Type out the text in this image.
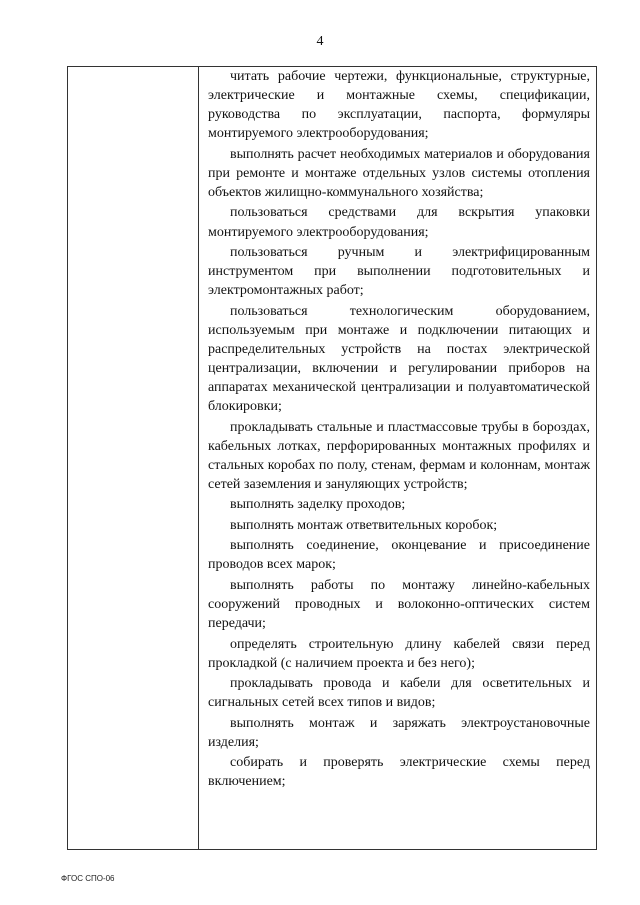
4

читать рабочие чертежи, функциональные, структурные, электрические и монтажные схемы, спецификации, руководства по эксплуатации, паспорта, формуляры монтируемого электрооборудования;

выполнять расчет необходимых материалов и оборудования при ремонте и монтаже отдельных узлов системы отопления объектов жилищно-коммунального хозяйства;

пользоваться средствами для вскрытия упаковки монтируемого электрооборудования;

пользоваться ручным и электрифицированным инструментом при выполнении подготовительных и электромонтажных работ;

пользоваться технологическим оборудованием, используемым при монтаже и подключении питающих и распределительных устройств на постах электрической централизации, включении и регулировании приборов на аппаратах механической централизации и полуавтоматической блокировки;

прокладывать стальные и пластмассовые трубы в бороздах, кабельных лотках, перфорированных монтажных профилях и стальных коробах по полу, стенам, фермам и колоннам, монтаж сетей заземления и зануляющих устройств;

выполнять заделку проходов;

выполнять монтаж ответвительных коробок;

выполнять соединение, оконцевание и присоединение проводов всех марок;

выполнять работы по монтажу линейно-кабельных сооружений проводных и волоконно-оптических систем передачи;

определять строительную длину кабелей связи перед прокладкой (с наличием проекта и без него);

прокладывать провода и кабели для осветительных и сигнальных сетей всех типов и видов;

выполнять монтаж и заряжать электроустановочные изделия;

собирать и проверять электрические схемы перед включением;

ФГОС СПО-06
